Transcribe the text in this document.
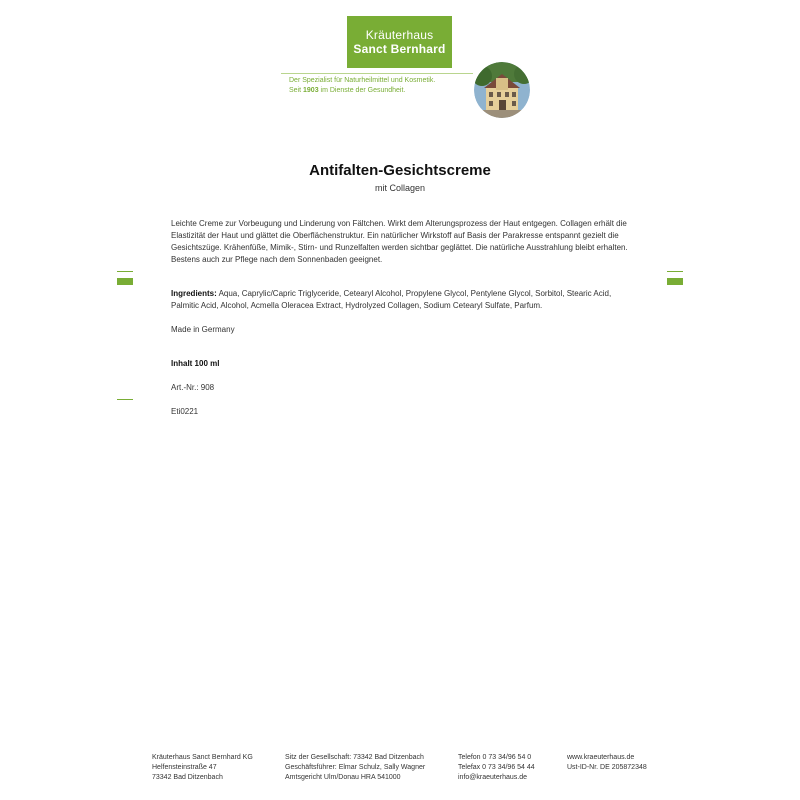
Kräuterhaus
Sanct Bernhard
Der Spezialist für Naturheilmittel und Kosmetik.
Seit 1903 im Dienste der Gesundheit.
Antifalten-Gesichtscreme
mit Collagen

Leichte Creme zur Vorbeugung und Linderung von Fältchen. Wirkt dem Alterungsprozess der Haut entgegen. Collagen erhält die Elastizität der Haut und glättet die Oberflächenstruktur. Ein natürlicher Wirkstoff auf Basis der Parakresse entspannt gezielt die Gesichtszüge. Krähenfüße, Mimik-, Stirn- und Runzelfalten werden sichtbar geglättet. Die natürliche Ausstrahlung bleibt erhalten. Bestens auch zur Pflege nach dem Sonnenbaden geeignet.

Ingredients: Aqua, Caprylic/Capric Triglyceride, Cetearyl Alcohol, Propylene Glycol, Pentylene Glycol, Sorbitol, Stearic Acid, Palmitic Acid, Alcohol, Acmella Oleracea Extract, Hydrolyzed Collagen, Sodium Cetearyl Sulfate, Parfum.

Made in Germany

Inhalt 100 ml

Art.-Nr.: 908

Eti0221

Kräuterhaus Sanct Bernhard KG
Helfensteinstraße 47
73342 Bad Ditzenbach
Sitz der Gesellschaft: 73342 Bad Ditzenbach
Geschäftsführer: Elmar Schulz, Sally Wagner
Amtsgericht Ulm/Donau HRA 541000
Telefon 0 73 34/96 54 0
Telefax 0 73 34/96 54 44
info@kraeuterhaus.de
www.kraeuterhaus.de
Ust-ID-Nr. DE 205872348
